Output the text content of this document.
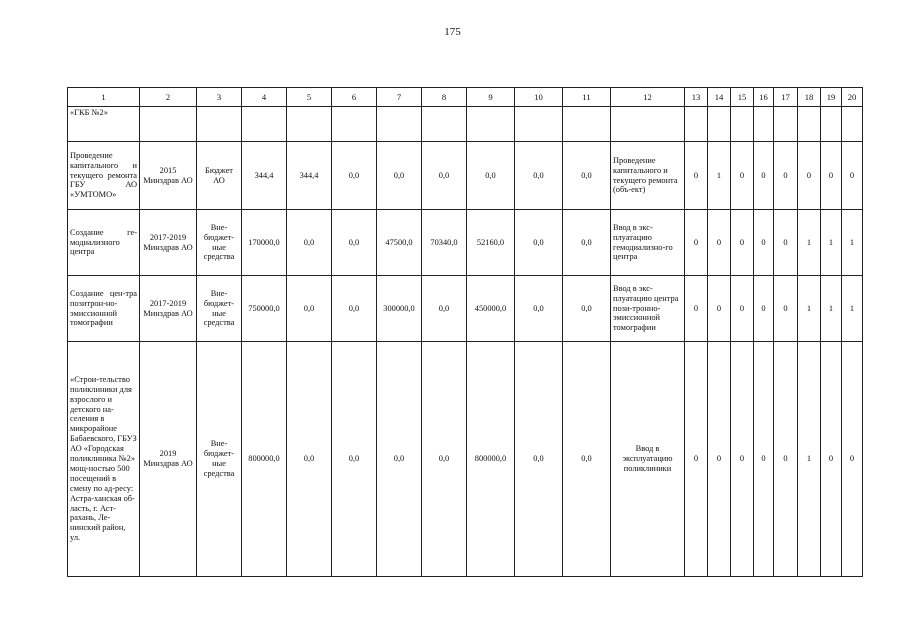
175
1	2	3	4	5	6	7	8	9	10	11	12	13	14	15	16	17	18	19	20
«ГКБ №2»																			
Проведение капитального и текущего ремонта ГБУ АО «УМТОМО»	2015 Минздрав АО	Бюджет АО	344,4	344,4	0,0	0,0	0,0	0,0	0,0	0,0	Проведение капитального и текущего ремонта (объ-ект)	0	1	0	0	0	0	0	0
Создание ге-модиализного центра	2017-2019 Минздрав АО	Вне-бюджет-ные средства	170000,0	0,0	0,0	47500,0	70340,0	52160,0	0,0	0,0	Ввод в экс-плуатацию гемодиализно-го центра	0	0	0	0	0	1	1	1
Создание цен-тра позитрон-но-эмиссионной томографии	2017-2019 Минздрав АО	Вне-бюджет-ные средства	750000,0	0,0	0,0	300000,0	0,0	450000,0	0,0	0,0	Ввод в экс-плуатацию центра пози-тронно-эмиссионной томографии	0	0	0	0	0	1	1	1
«Строи-тельство поликлиники для взрослого и детского на-селения в микрорайоне Бабаевского, ГБУЗ АО «Городская поликлиника №2» мощ-ностью 500 посещений в смену по ад-ресу: Астра-ханская об-ласть, г. Аст-рахань, Ле-нинский район, ул.	2019 Минздрав АО	Вне-бюджет-ные средства	800000,0	0,0	0,0	0,0	0,0	800000,0	0,0	0,0	Ввод в эксплуатацию поликлиники	0	0	0	0	0	1	0	0
